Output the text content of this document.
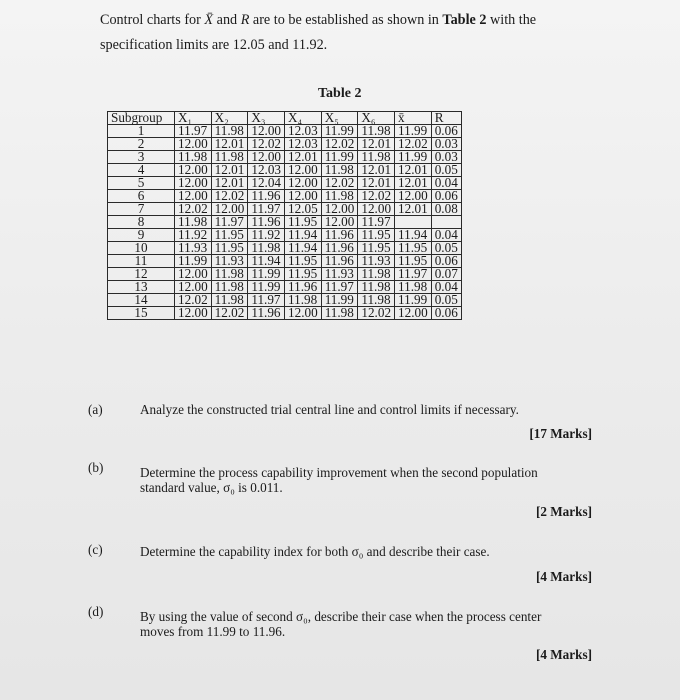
Control charts for X̄ and R are to be established as shown in Table 2 with the specification limits are 12.05 and 11.92.
Table 2
Subgroup	X₁	X₂	X₃	X₄	X₅	X₆	x̄	R
1	11.97	11.98	12.00	12.03	11.99	11.98	11.99	0.06
2	12.00	12.01	12.02	12.03	12.02	12.01	12.02	0.03
3	11.98	11.98	12.00	12.01	11.99	11.98	11.99	0.03
4	12.00	12.01	12.03	12.00	11.98	12.01	12.01	0.05
5	12.00	12.01	12.04	12.00	12.02	12.01	12.01	0.04
6	12.00	12.02	11.96	12.00	11.98	12.02	12.00	0.06
7	12.02	12.00	11.97	12.05	12.00	12.00	12.01	0.08
8	11.98	11.97	11.96	11.95	12.00	11.97		
9	11.92	11.95	11.92	11.94	11.96	11.95	11.94	0.04
10	11.93	11.95	11.98	11.94	11.96	11.95	11.95	0.05
11	11.99	11.93	11.94	11.95	11.96	11.93	11.95	0.06
12	12.00	11.98	11.99	11.95	11.93	11.98	11.97	0.07
13	12.00	11.98	11.99	11.96	11.97	11.98	11.98	0.04
14	12.02	11.98	11.97	11.98	11.99	11.98	11.99	0.05
15	12.00	12.02	11.96	12.00	11.98	12.02	12.00	0.06
(a)	Analyze the constructed trial central line and control limits if necessary.
[17 Marks]
(b)	Determine the process capability improvement when the second population standard value, σ₀ is 0.011.
[2 Marks]
(c)	Determine the capability index for both σ₀ and describe their case.
[4 Marks]
(d)	By using the value of second σ₀, describe their case when the process center moves from 11.99 to 11.96.
[4 Marks]
